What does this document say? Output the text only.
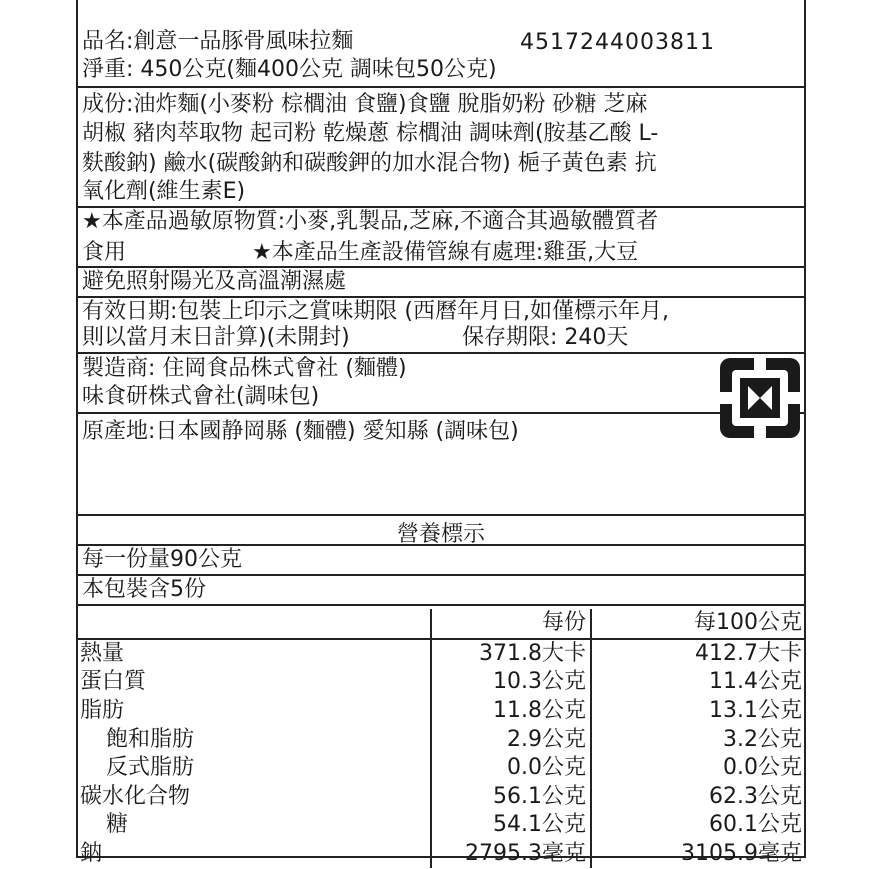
品名:創意一品豚骨風味拉麵	4517244003811
淨重: 450公克(麵400公克 調味包50公克)
成份:油炸麵(小麥粉 棕櫚油 食鹽)食鹽 脫脂奶粉 砂糖 芝麻
胡椒 豬肉萃取物 起司粉 乾燥蔥 棕櫚油 調味劑(胺基乙酸 L-
麩酸鈉) 鹼水(碳酸鈉和碳酸鉀的加水混合物) 梔子黃色素 抗
氧化劑(維生素E)
★本產品過敏原物質:小麥,乳製品,芝麻,不適合其過敏體質者
食用	★本產品生產設備管線有處理:雞蛋,大豆
避免照射陽光及高溫潮濕處
有效日期:包裝上印示之賞味期限 (西曆年月日,如僅標示年月,
則以當月末日計算)(未開封)	保存期限: 240天
製造商: 住岡食品株式會社 (麵體)
味食研株式會社(調味包)
原產地:日本國静岡縣 (麵體) 愛知縣 (調味包)
營養標示
每一份量90公克
本包裝含5份
	每份	每100公克
熱量	371.8大卡	412.7大卡
蛋白質	10.3公克	11.4公克
脂肪	11.8公克	13.1公克
飽和脂肪	2.9公克	3.2公克
反式脂肪	0.0公克	0.0公克
碳水化合物	56.1公克	62.3公克
糖	54.1公克	60.1公克
鈉	2795.3毫克	3105.9毫克
